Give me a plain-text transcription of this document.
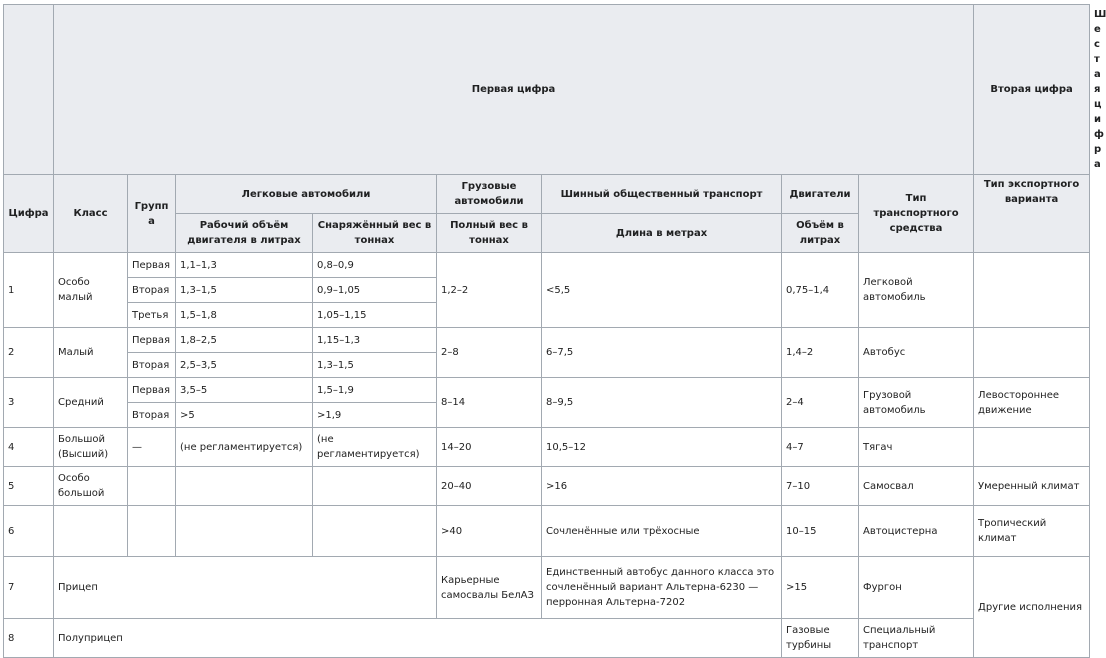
	Первая цифра								Вторая цифра	Шестая цифра
Цифра	Класс	Группа	Легковые автомобили		Грузовые автомобили	Шинный общественный транспорт	Двигатели	Тип транспортного средства	Тип экспортного варианта	
			Рабочий объём двигателя в литрах	Снаряжённый вес в тоннах	Полный вес в тоннах	Длина в метрах	Объём в литрах			
1	Особо малый	Первая	1,1–1,3	0,8–0,9	1,2–2	<5,5	0,75–1,4	Легковой автомобиль		
		Вторая	1,3–1,5	0,9–1,05						
		Третья	1,5–1,8	1,05–1,15						
2	Малый	Первая	1,8–2,5	1,15–1,3	2–8	6–7,5	1,4–2	Автобус		
		Вторая	2,5–3,5	1,3–1,5						
3	Средний	Первая	3,5–5	1,5–1,9	8–14	8–9,5	2–4	Грузовой автомобиль	Левостороннее движение	
		Вторая	>5	>1,9						
4	Большой (Высший)	—	(не регламентируется)	(не регламентируется)	14–20	10,5–12	4–7	Тягач		
5	Особо большой				20–40	>16	7–10	Самосвал	Умеренный климат	
6					>40	Сочленённые или трёхосные	10–15	Автоцистерна	Тропический климат	
7	Прицеп				Карьерные самосвалы БелАЗ	Единственный автобус данного класса это сочленённый вариант Альтерна-6230 — перронная Альтерна-7202	>15	Фургон	Другие исполнения	
8	Полуприцеп						Газовые турбины	Специальный транспорт		
